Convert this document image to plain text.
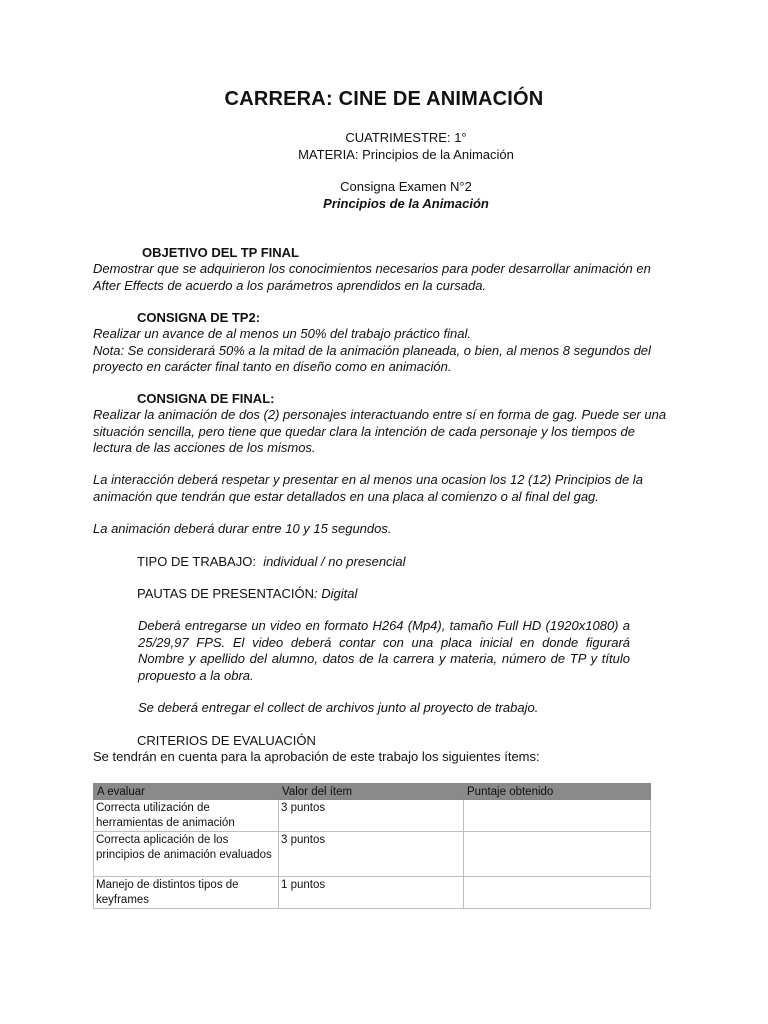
CARRERA: CINE DE ANIMACIÓN
CUATRIMESTRE: 1°
MATERIA: Principios de la Animación
Consigna Examen N°2
Principios de la Animación
OBJETIVO DEL TP FINAL

Demostrar que se adquirieron los conocimientos necesarios para poder desarrollar animación en After Effects de acuerdo a los parámetros aprendidos en la cursada.

CONSIGNA DE TP2:

Realizar un avance de al menos un 50% del trabajo práctico final.

Nota: Se considerará 50% a la mitad de la animación planeada, o bien, al menos 8 segundos del proyecto en carácter final tanto en diseño como en animación.

CONSIGNA DE FINAL:

Realizar la animación de dos (2) personajes interactuando entre sí en forma de gag. Puede ser una situación sencilla, pero tiene que quedar clara la intención de cada personaje y los tiempos de lectura de las acciones de los mismos.

La interacción deberá respetar y presentar en al menos una ocasion los 12 (12) Principios de la animación que tendrán que estar detallados en una placa al comienzo o al final del gag.

La animación deberá durar entre 10 y 15 segundos.

TIPO DE TRABAJO:  individual / no presencial
PAUTAS DE PRESENTACIÓN: Digital
Deberá entregarse un video en formato H264 (Mp4), tamaño Full HD (1920x1080) a 25/29,97 FPS. El video deberá contar con una placa inicial en donde figurará Nombre y apellido del alumno, datos de la carrera y materia, número de TP y título propuesto a la obra.
Se deberá entregar el collect de archivos junto al proyecto de trabajo.
CRITERIOS DE EVALUACIÓN
Se tendrán en cuenta para la aprobación de este trabajo los siguientes ítems:
A evaluar	Valor del ítem	Puntaje obtenido
Correcta utilización de herramientas de animación	3 puntos	
Correcta aplicación de los principios de animación evaluados	3 puntos	
Manejo de distintos tipos de keyframes	1 puntos	
